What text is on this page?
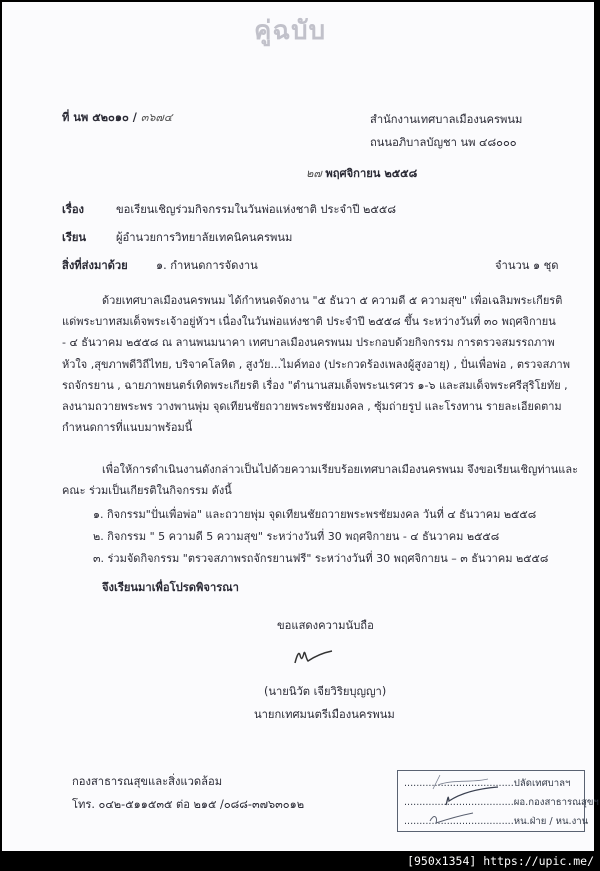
คู่ฉบับ
ที่ นพ ๕๒๐๑๐ / ๓๖๗๔	สำนักงานเทศบาลเมืองนครพนม
ถนนอภิบาลบัญชา นพ ๔๘๐๐๐
๒๗ พฤศจิกายน ๒๕๕๘
เรื่อง	ขอเรียนเชิญร่วมกิจกรรมในวันพ่อแห่งชาติ ประจำปี ๒๕๕๘
เรียน	ผู้อำนวยการวิทยาลัยเทคนิคนครพนม
สิ่งที่ส่งมาด้วย	๑. กำหนดการจัดงาน	จำนวน ๑ ชุด

ด้วยเทศบาลเมืองนครพนม ได้กำหนดจัดงาน "๕ ธันวา ๕ ความดี ๕ ความสุข" เพื่อเฉลิมพระเกียรติ

แด่พระบาทสมเด็จพระเจ้าอยู่หัวฯ เนื่องในวันพ่อแห่งชาติ ประจำปี ๒๕๕๘ ขึ้น ระหว่างวันที่ ๓๐ พฤศจิกายน

- ๔ ธันวาคม ๒๕๕๘ ณ ลานพนมนาคา เทศบาลเมืองนครพนม ประกอบด้วยกิจกรรม การตรวจสมรรถภาพ

หัวใจ ,สุขภาพดีวิถีไทย, บริจาคโลหิต , สูงวัย...ไมค์ทอง (ประกวดร้องเพลงผู้สูงอายุ) , ปั่นเพื่อพ่อ , ตรวจสภาพ

รถจักรยาน , ฉายภาพยนตร์เทิดพระเกียรติ เรื่อง "ตำนานสมเด็จพระนเรศวร ๑-๖ และสมเด็จพระศรีสุริโยทัย ,

ลงนามถวายพระพร วางพานพุ่ม จุดเทียนชัยถวายพระพรชัยมงคล , ซุ้มถ่ายรูป และโรงทาน รายละเอียดตาม

กำหนดการที่แนบมาพร้อมนี้

เพื่อให้การดำเนินงานดังกล่าวเป็นไปด้วยความเรียบร้อยเทศบาลเมืองนครพนม จึงขอเรียนเชิญท่านและ

คณะ ร่วมเป็นเกียรติในกิจกรรม ดังนี้

๑. กิจกรรม"ปั่นเพื่อพ่อ" และถวายพุ่ม จุดเทียนชัยถวายพระพรชัยมงคล วันที่ ๔ ธันวาคม ๒๕๕๘
๒. กิจกรรม " 5 ความดี 5 ความสุข" ระหว่างวันที่ 30 พฤศจิกายน - ๔ ธันวาคม ๒๕๕๘
๓. ร่วมจัดกิจกรรม "ตรวจสภาพรถจักรยานฟรี" ระหว่างวันที่ 30 พฤศจิกายน – ๓ ธันวาคม ๒๕๕๘
จึงเรียนมาเพื่อโปรดพิจารณา
ขอแสดงความนับถือ
(นายนิวัต เจียวิริยบุญญา)
นายกเทศมนตรีเมืองนครพนม
กองสาธารณสุขและสิ่งแวดล้อม
โทร. ๐๔๒-๕๑๑๕๓๕ ต่อ ๒๑๕ /๐๘๘-๓๗๖๓๐๑๒
....................................ปลัดเทศบาลฯ
....................................ผอ.กองสาธารณสุขฯ
....................................หน.ฝ่าย / หน.งาน
[950x1354] https://upic.me/
